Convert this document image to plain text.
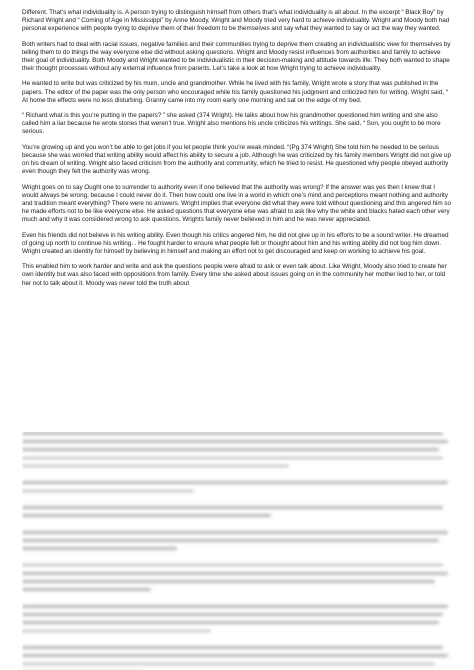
Different. That’s what individuality is. A person trying to distinguish himself from others that’s what individuality is all about. In the excerpt “ Black Boy” by Richard Wright and “ Coming of Age in Mississippi” by Anne Moody, Wright and Moody tried very hard to achieve individuality. Wright and Moody both had personal experience with people trying to deprive them of their freedom to be themselves and say what they wanted to say or act the way they wanted.

Both writers had to deal with racial issues, negative families and their communities trying to deprive them creating an individualistic view for themselves by telling them to do things the way everyone else did without asking questions. Wright and Moody resist influences from authorities and family to achieve their goal of individuality. Both Moody and Wright wanted to be individualistic in their decision-making and attitude towards life. They both wanted to shape their thought processes without any external influence from parents. Let’s take a look at how Wright trying to achieve individuality.

He wanted to write but was criticized by his mum, uncle and grandmother. While he lived with his family, Wright wrote a story that was published in the papers. The editor of the paper was the only person who encouraged while his family questioned his judgment and criticized him for writing. Wright said, “ At home the effects were no less disturbing. Granny came into my room early one morning and sat on the edge of my bed.

“ Richard what is this you’re putting in the papers? ” she asked (374 Wright). He talks about how his grandmother questioned him writing and she also called him a liar because he wrote stories that weren’t true. Wright also mentions his uncle criticizes his writings. She said, “ Son, you ought to be more serious.

You’re growing up and you won’t be able to get jobs if you let people think you’re weak minded. “(Pg 374 Wright) She told him he needed to be serious because she was worried that writing ability would affect his ability to secure a job. Although he was criticized by his family members Wright did not give up on his dream of writing. Wright also faced criticism from the authority and community, which he tried to resist. He questioned why people obeyed authority even though they felt the authority was wrong.

Wright goes on to say Ought one to surrender to authority even if one believed that the authority was wrong? If the answer was yes then I knew that I would always be wrong, because I could never do it. Then how could one live in a world in which one’s mind and perceptions meant nothing and authority and tradition meant everything? There were no answers. Wright implies that everyone did what they were told without questioning and this angered him so he made efforts not to be like everyone else. He asked questions that everyone else was afraid to ask like why the white and blacks hated each other very much and why it was considered wrong to ask questions. Wrights family never believed in him and he was never appreciated.

Even his friends did not believe in his writing ability. Even though his critics angered him, he did not give up in his efforts to be a sound writer. He dreamed of going up north to continue his writing. . He fought harder to ensure what people felt or thought about him and his writing ability did not bog him down. Wright created an identity for himself by believing in himself and making an effort not to get discouraged and keep on working to achieve his goal.

This enabled him to work harder and write and ask the questions people were afraid to ask or even talk about. Like Wright, Moody also tried to create her own identity but was also faced with oppositions from family. Every time she asked about issues going on in the community her mother lied to her, or told her not to talk about it. Moody was never told the truth about
